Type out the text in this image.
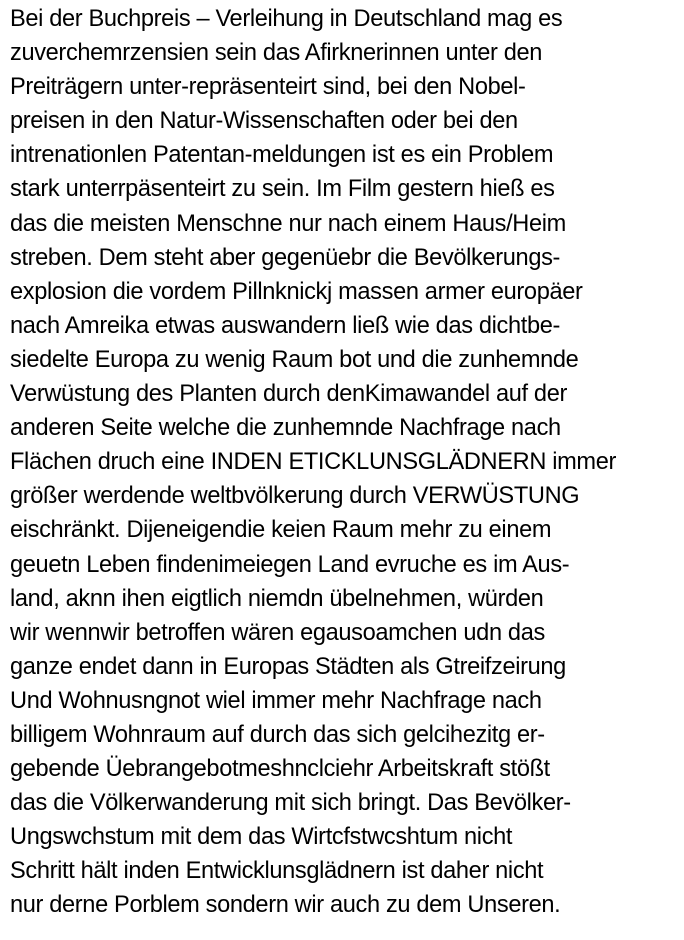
Bei der Buchpreis – Verleihung in Deutschland mag es
zuverchemrzensien sein das Afirknerinnen unter den
Preiträgern unter-repräsenteirt sind, bei den Nobel-
preisen in den Natur-Wissenschaften oder bei den
intrenationlen Patentan-meldungen ist es ein Problem
stark unterrpäsenteirt zu sein. Im Film gestern hieß es
das die meisten Menschne nur nach einem Haus/Heim
streben. Dem steht aber gegenüebr die Bevölkerungs-
explosion die vordem Pillnknickj massen armer europäer
nach Amreika etwas auswandern ließ wie das dichtbe-
siedelte Europa zu wenig Raum bot und die zunhemnde
Verwüstung des Planten durch denKimawandel auf der
anderen Seite welche die zunhemnde Nachfrage nach
Flächen druch eine INDEN ETICKLUNSGLÄDNERN immer
größer werdende weltbvölkerung durch VERWÜSTUNG
eischränkt. Dijeneigendie keien Raum mehr zu einem
geuetn Leben findenimeiegen Land evruche es im Aus-
land, aknn ihen eigtlich niemdn übelnehmen, würden
wir wennwir betroffen wären egausoamchen udn das
ganze endet dann in Europas Städten als Gtreifzeirung
Und Wohnusngnot wiel immer mehr Nachfrage nach
billigem Wohnraum auf durch das sich gelcihezitg er-
gebende Üebrangebotmeshnclciehr Arbeitskraft stößt
das die Völkerwanderung mit sich bringt. Das Bevölker-
Ungswchstum mit dem das Wirtcfstwcshtum nicht
Schritt hält inden Entwicklunsglädnern ist daher nicht
nur derne Porblem sondern wir auch zu dem Unseren.
